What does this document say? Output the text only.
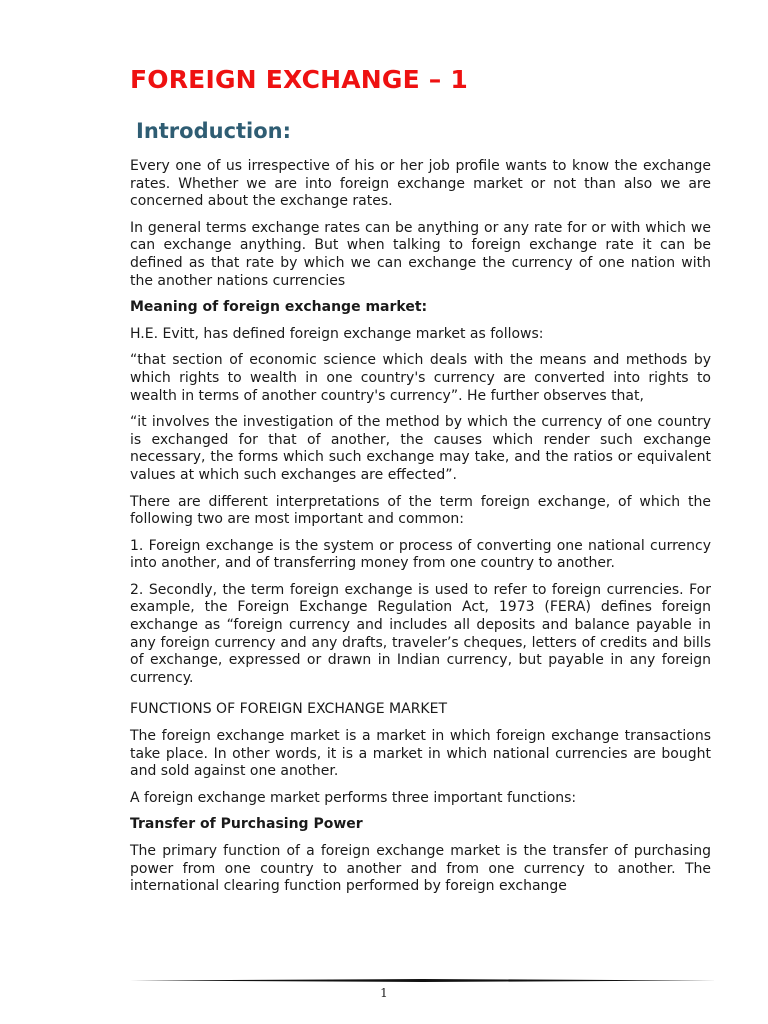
FOREIGN EXCHANGE – 1
Introduction:

Every one of us irrespective of his or her job profile wants to know the exchange rates. Whether we are into foreign exchange market or not than also we are concerned about the exchange rates.

In general terms exchange rates can be anything or any rate for or with which we can exchange anything. But when talking to foreign exchange rate it can be defined as that rate by which we can exchange the currency of one nation with the another nations currencies

Meaning of foreign exchange market:

H.E. Evitt, has defined foreign exchange market as follows:

“that section of economic science which deals with the means and methods by which rights to wealth in one country's currency are converted into rights to wealth in terms of another country's currency”. He further observes that,

“it involves the investigation of the method by which the currency of one country is exchanged for that of another, the causes which render such exchange necessary, the forms which such exchange may take, and the ratios or equivalent values at which such exchanges are effected”.

There are different interpretations of the term foreign exchange, of which the following two are most important and common:

1. Foreign exchange is the system or process of converting one national currency into another, and of transferring money from one country to another.

2. Secondly, the term foreign exchange is used to refer to foreign currencies. For example, the Foreign Exchange Regulation Act, 1973 (FERA) defines foreign exchange as “foreign currency and includes all deposits and balance payable in any foreign currency and any drafts, traveler’s cheques, letters of credits and bills of exchange, expressed or drawn in Indian currency, but payable in any foreign currency.

FUNCTIONS OF FOREIGN EXCHANGE MARKET

The foreign exchange market is a market in which foreign exchange transactions take place. In other words, it is a market in which national currencies are bought and sold against one another.

A foreign exchange market performs three important functions:

Transfer of Purchasing Power

The primary function of a foreign exchange market is the transfer of purchasing power from one country to another and from one currency to another. The international clearing function performed by foreign exchange

1
